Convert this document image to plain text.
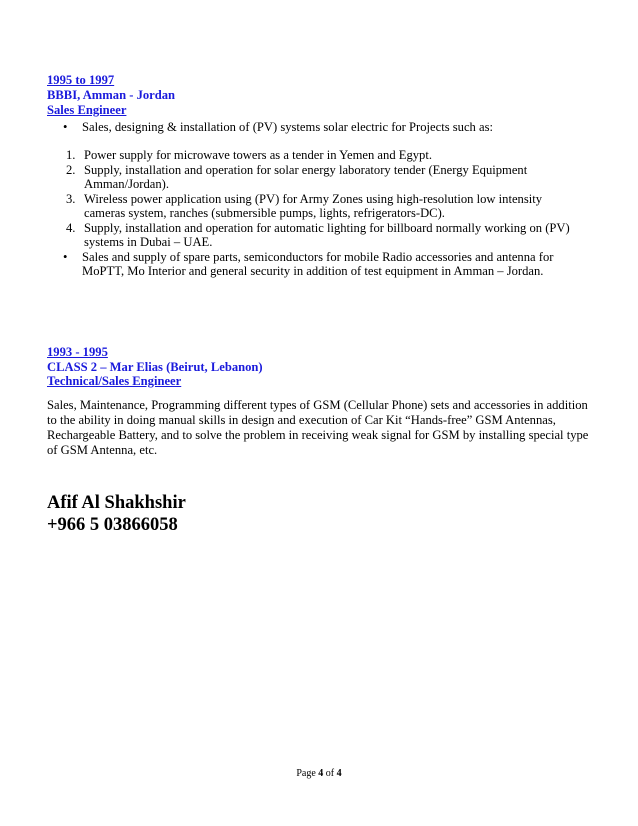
1995 to 1997
BBBI, Amman - Jordan
Sales Engineer
• Sales, designing & installation of (PV) systems solar electric for Projects such as:
1. Power supply for microwave towers as a tender in Yemen and Egypt.
2. Supply, installation and operation for solar energy laboratory tender (Energy Equipment
Amman/Jordan).
3. Wireless power application using (PV) for Army Zones using high-resolution low intensity
cameras system, ranches (submersible pumps, lights, refrigerators-DC).
4. Supply, installation and operation for automatic lighting for billboard normally working on (PV)
systems in Dubai – UAE.
• Sales and supply of spare parts, semiconductors for mobile Radio accessories and antenna for
MoPTT, Mo Interior and general security in addition of test equipment in Amman – Jordan.
1993 - 1995
CLASS 2 – Mar Elias (Beirut, Lebanon)
Technical/Sales Engineer
Sales, Maintenance, Programming different types of GSM (Cellular Phone) sets and accessories in addition
to the ability in doing manual skills in design and execution of Car Kit “Hands-free” GSM Antennas,
Rechargeable Battery, and to solve the problem in receiving weak signal for GSM by installing special type
of GSM Antenna, etc.
Afif Al Shakhshir
+966 5 03866058
Page 4 of 4
